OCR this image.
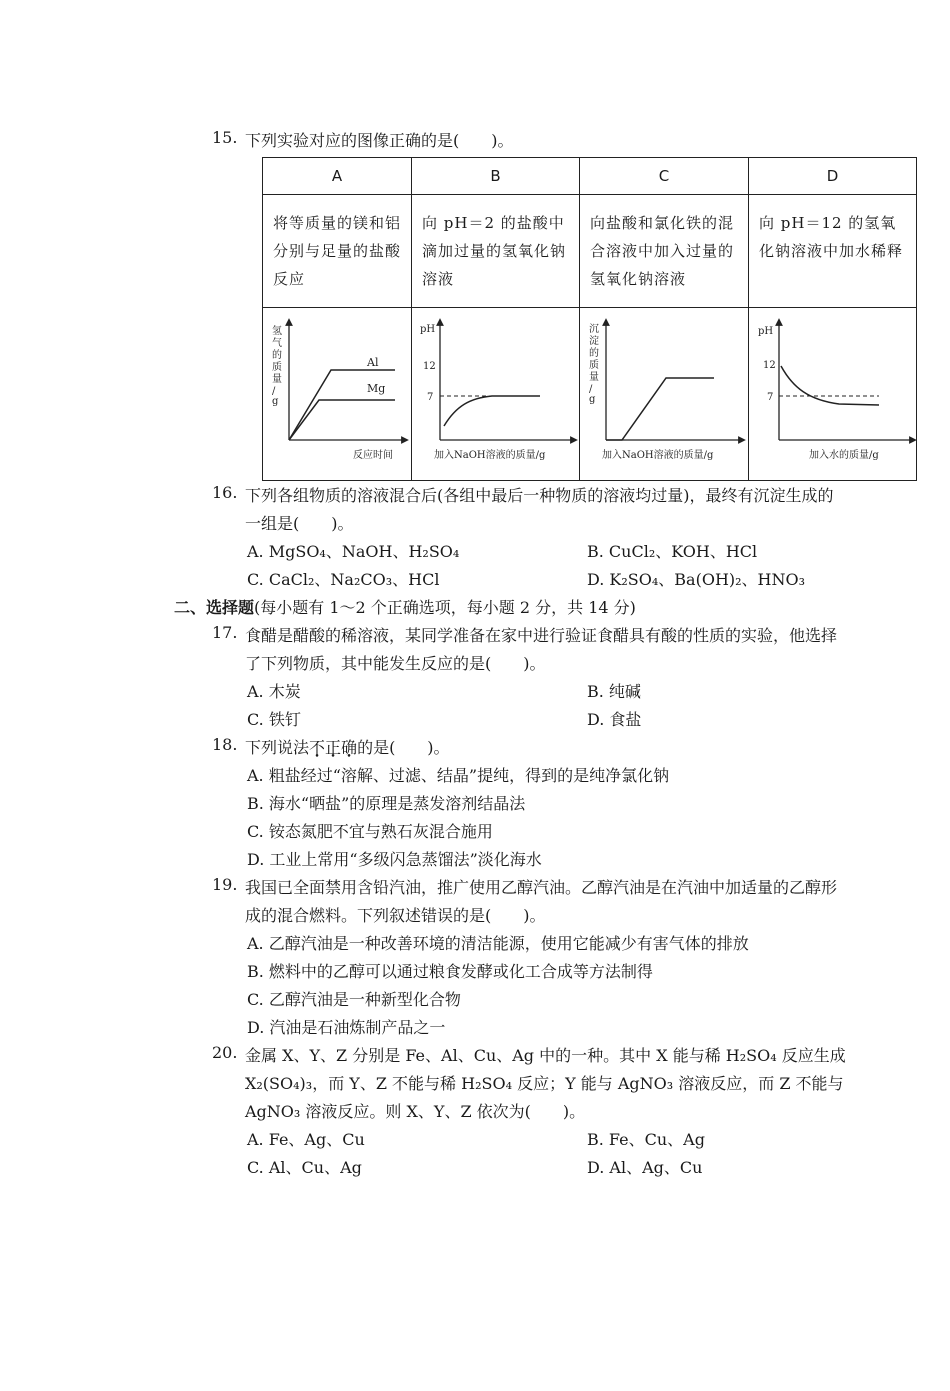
15. 下列实验对应的图像正确的是(　　)。
A	B	C	D

将等质量的镁和铝分别与足量的盐酸反应	向 pH＝2 的盐酸中滴加过量的氢氧化钠溶液	向盐酸和氯化铁的混合溶液中加入过量的氢氧化钠溶液	向 pH＝12 的氢氧化钠溶液中加水稀释

氢气的 质量/ g
Al
Mg
反应时间	pH
12
7
加入NaOH溶液的质量/g	沉淀的 质量/ g
加入NaOH溶液的质量/g	pH
12
7
加入水的质量/g
16. 下列各组物质的溶液混合后(各组中最后一种物质的溶液均过量)，最终有沉淀生成的
一组是(　　)。
A. MgSO₄、NaOH、H₂SO₄	B. CuCl₂、KOH、HCl
C. CaCl₂、Na₂CO₃、HCl	D. K₂SO₄、Ba(OH)₂、HNO₃
二、选择题(每小题有 1～2 个正确选项，每小题 2 分，共 14 分)
17. 食醋是醋酸的稀溶液，某同学准备在家中进行验证食醋具有酸的性质的实验，他选择
了下列物质，其中能发生反应的是(　　)。
A. 木炭	B. 纯碱
C. 铁钉	D. 食盐
18. 下列说法不正确的是(　　)。
A. 粗盐经过“溶解、过滤、结晶”提纯，得到的是纯净氯化钠
B. 海水“晒盐”的原理是蒸发溶剂结晶法
C. 铵态氮肥不宜与熟石灰混合施用
D. 工业上常用“多级闪急蒸馏法”淡化海水
19. 我国已全面禁用含铅汽油，推广使用乙醇汽油。乙醇汽油是在汽油中加适量的乙醇形
成的混合燃料。下列叙述错误的是(　　)。
A. 乙醇汽油是一种改善环境的清洁能源，使用它能减少有害气体的排放
B. 燃料中的乙醇可以通过粮食发酵或化工合成等方法制得
C. 乙醇汽油是一种新型化合物
D. 汽油是石油炼制产品之一
20. 金属 X、Y、Z 分别是 Fe、Al、Cu、Ag 中的一种。其中 X 能与稀 H₂SO₄ 反应生成
X₂(SO₄)₃，而 Y、Z 不能与稀 H₂SO₄ 反应；Y 能与 AgNO₃ 溶液反应，而 Z 不能与
AgNO₃ 溶液反应。则 X、Y、Z 依次为(　　)。
A. Fe、Ag、Cu	B. Fe、Cu、Ag
C. Al、Cu、Ag	D. Al、Ag、Cu
